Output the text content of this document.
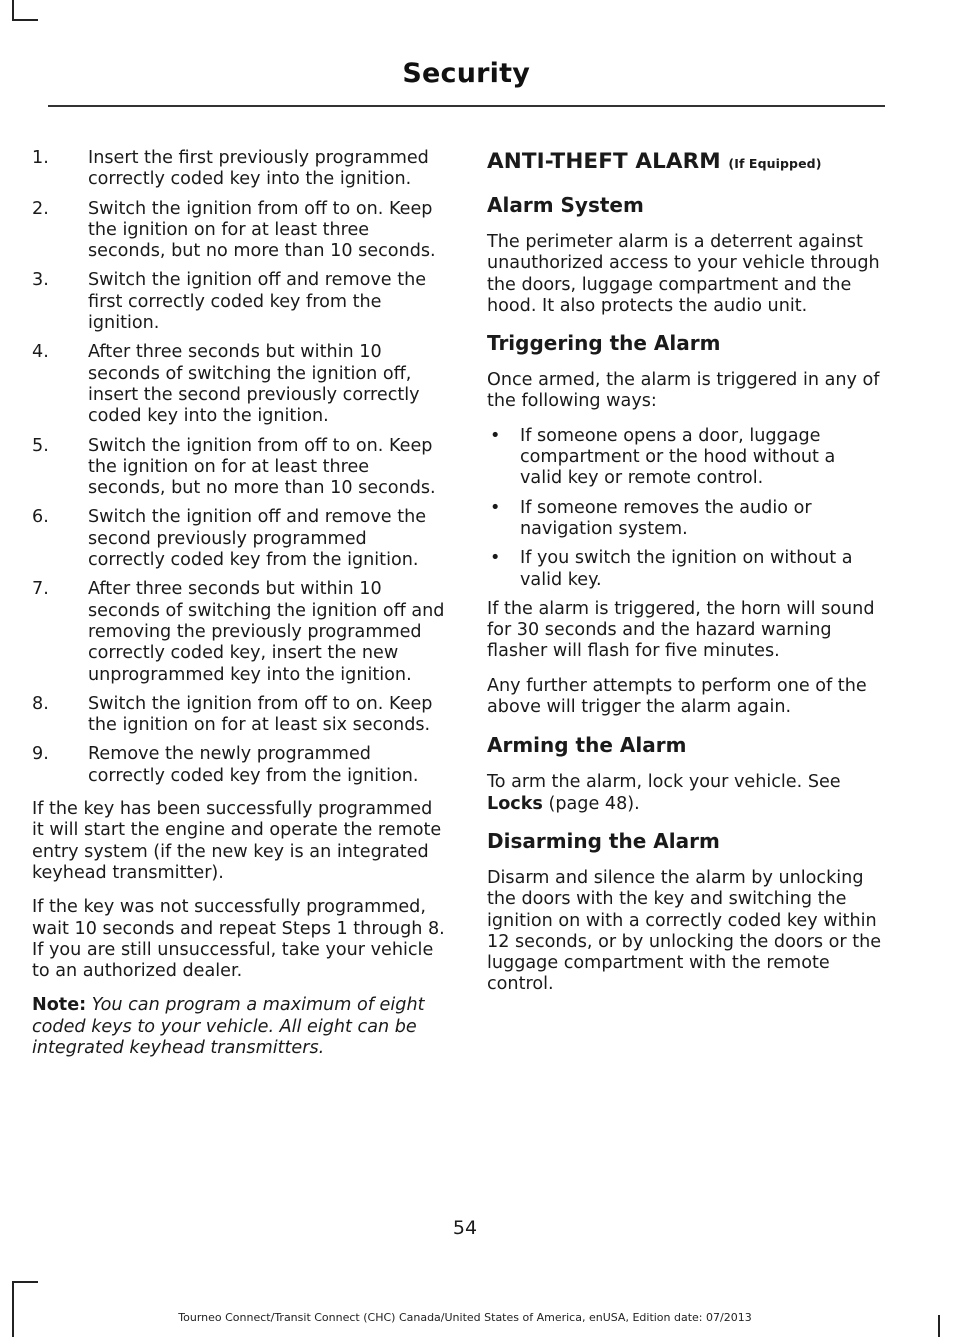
Security
1. Insert the first previously programmed correctly coded key into the ignition.
2. Switch the ignition from off to on. Keep the ignition on for at least three seconds, but no more than 10 seconds.
3. Switch the ignition off and remove the first correctly coded key from the ignition.
4. After three seconds but within 10 seconds of switching the ignition off, insert the second previously correctly coded key into the ignition.
5. Switch the ignition from off to on. Keep the ignition on for at least three seconds, but no more than 10 seconds.
6. Switch the ignition off and remove the second previously programmed correctly coded key from the ignition.
7. After three seconds but within 10 seconds of switching the ignition off and removing the previously programmed correctly coded key, insert the new unprogrammed key into the ignition.
8. Switch the ignition from off to on. Keep the ignition on for at least six seconds.
9. Remove the newly programmed correctly coded key from the ignition.

If the key has been successfully programmed it will start the engine and operate the remote entry system (if the new key is an integrated keyhead transmitter).

If the key was not successfully programmed, wait 10 seconds and repeat Steps 1 through 8. If you are still unsuccessful, take your vehicle to an authorized dealer.

Note: You can program a maximum of eight coded keys to your vehicle. All eight can be integrated keyhead transmitters.

ANTI-THEFT ALARM (If Equipped)
Alarm System

The perimeter alarm is a deterrent against unauthorized access to your vehicle through the doors, luggage compartment and the hood. It also protects the audio unit.

Triggering the Alarm

Once armed, the alarm is triggered in any of the following ways:

• If someone opens a door, luggage compartment or the hood without a valid key or remote control.
• If someone removes the audio or navigation system.
• If you switch the ignition on without a valid key.

If the alarm is triggered, the horn will sound for 30 seconds and the hazard warning flasher will flash for five minutes.

Any further attempts to perform one of the above will trigger the alarm again.

Arming the Alarm

To arm the alarm, lock your vehicle. See
Locks (page 48).

Disarming the Alarm

Disarm and silence the alarm by unlocking the doors with the key and switching the ignition on with a correctly coded key within 12 seconds, or by unlocking the doors or the luggage compartment with the remote control.

54
Tourneo Connect/Transit Connect (CHC) Canada/United States of America, enUSA, Edition date: 07/2013
